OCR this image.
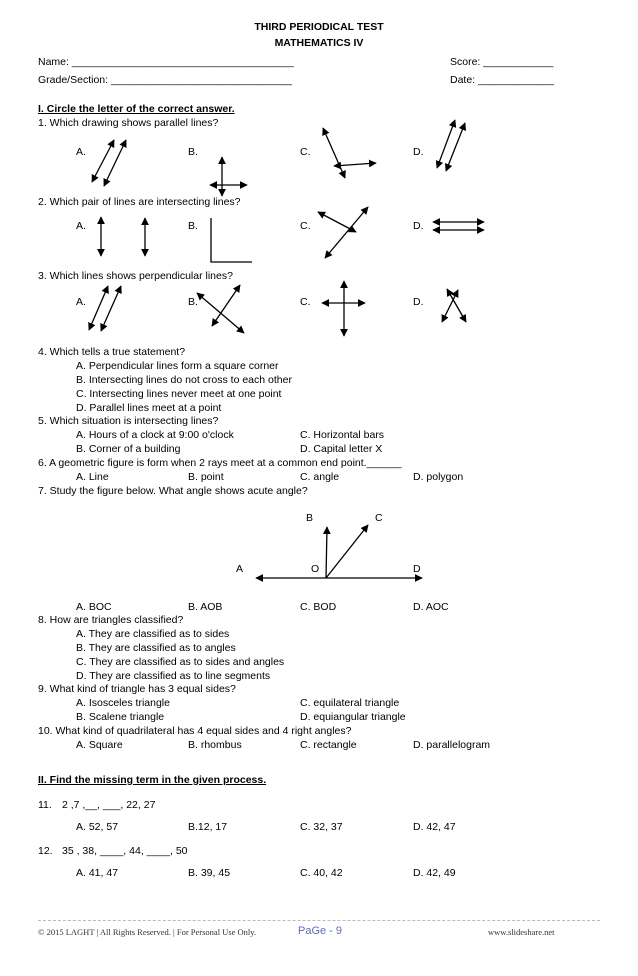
THIRD PERIODICAL TEST
MATHEMATICS IV
Name: ______________________________________	Score: ____________
Grade/Section: _______________________________	Date: _____________
I. Circle the letter of the correct answer.
1. Which drawing shows parallel lines?
A.	B.	C.	D.
2. Which pair of lines are intersecting lines?
A.	B.	C.	D.
3. Which lines shows perpendicular lines?
A.	B.	C.	D.
4. Which tells a true statement?
A. Perpendicular lines form a square corner
B. Intersecting lines do not cross to each other
C. Intersecting lines never meet at one point
D. Parallel lines meet at a point
5. Which situation is intersecting lines?
A. Hours of a clock at 9:00 o'clock	C. Horizontal bars
B. Corner of a building	D. Capital letter X
6. A geometric figure is form when 2 rays meet at a common end point.______
A. Line	B. point	C. angle	D. polygon
7. Study the figure below. What angle shows acute angle?
B	C
A	O	D
A. BOC	B. AOB	C. BOD	D. AOC
8. How are triangles classified?
A. They are classified as to sides
B. They are classified as to angles
C. They are classified as to sides and angles
D. They are classified as to line segments
9. What kind of triangle has 3 equal sides?
A. Isosceles triangle	C. equilateral triangle
B. Scalene triangle	D. equiangular triangle
10. What kind of quadrilateral has 4 equal sides and 4 right angles?
A. Square	B. rhombus	C. rectangle	D. parallelogram
II. Find the missing term in the given process.
11. 2 ,7 ,__, ___, 22, 27
A. 52, 57	B.12, 17	C. 32, 37	D. 42, 47
12. 35 , 38, ____, 44, ____, 50
A. 41, 47	B. 39, 45	C. 40, 42	D. 42, 49
© 2015 LAGHT | All Rights Reserved. | For Personal Use Only.	PaGe - 9	www.slideshare.net
